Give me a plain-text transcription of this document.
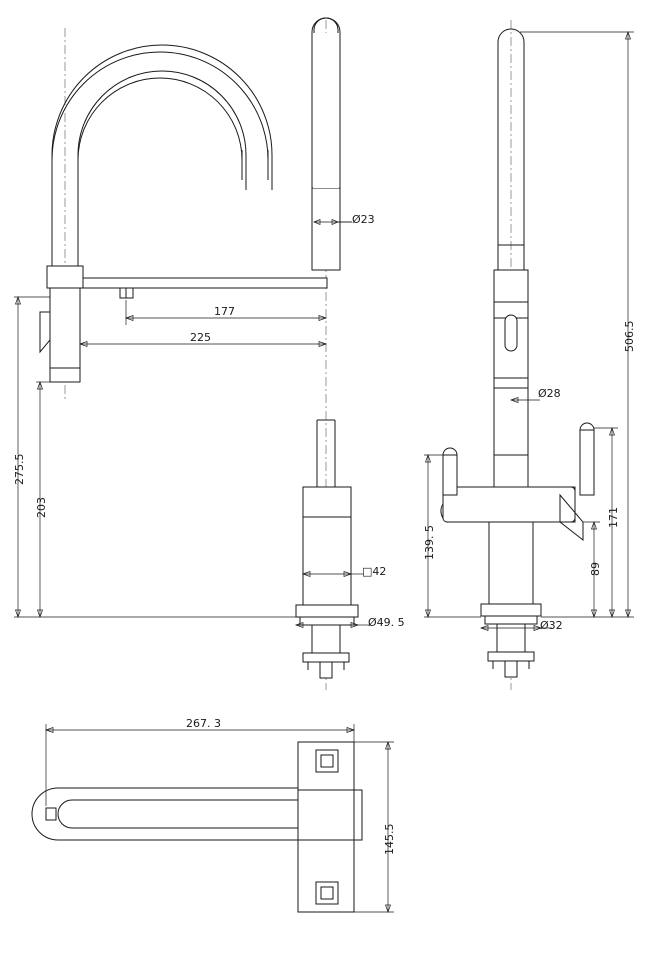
Ø23
177
225
275.5
203
□42
Ø49. 5
506.5
Ø28
139. 5
171
89
Ø32
267. 3
145.5
